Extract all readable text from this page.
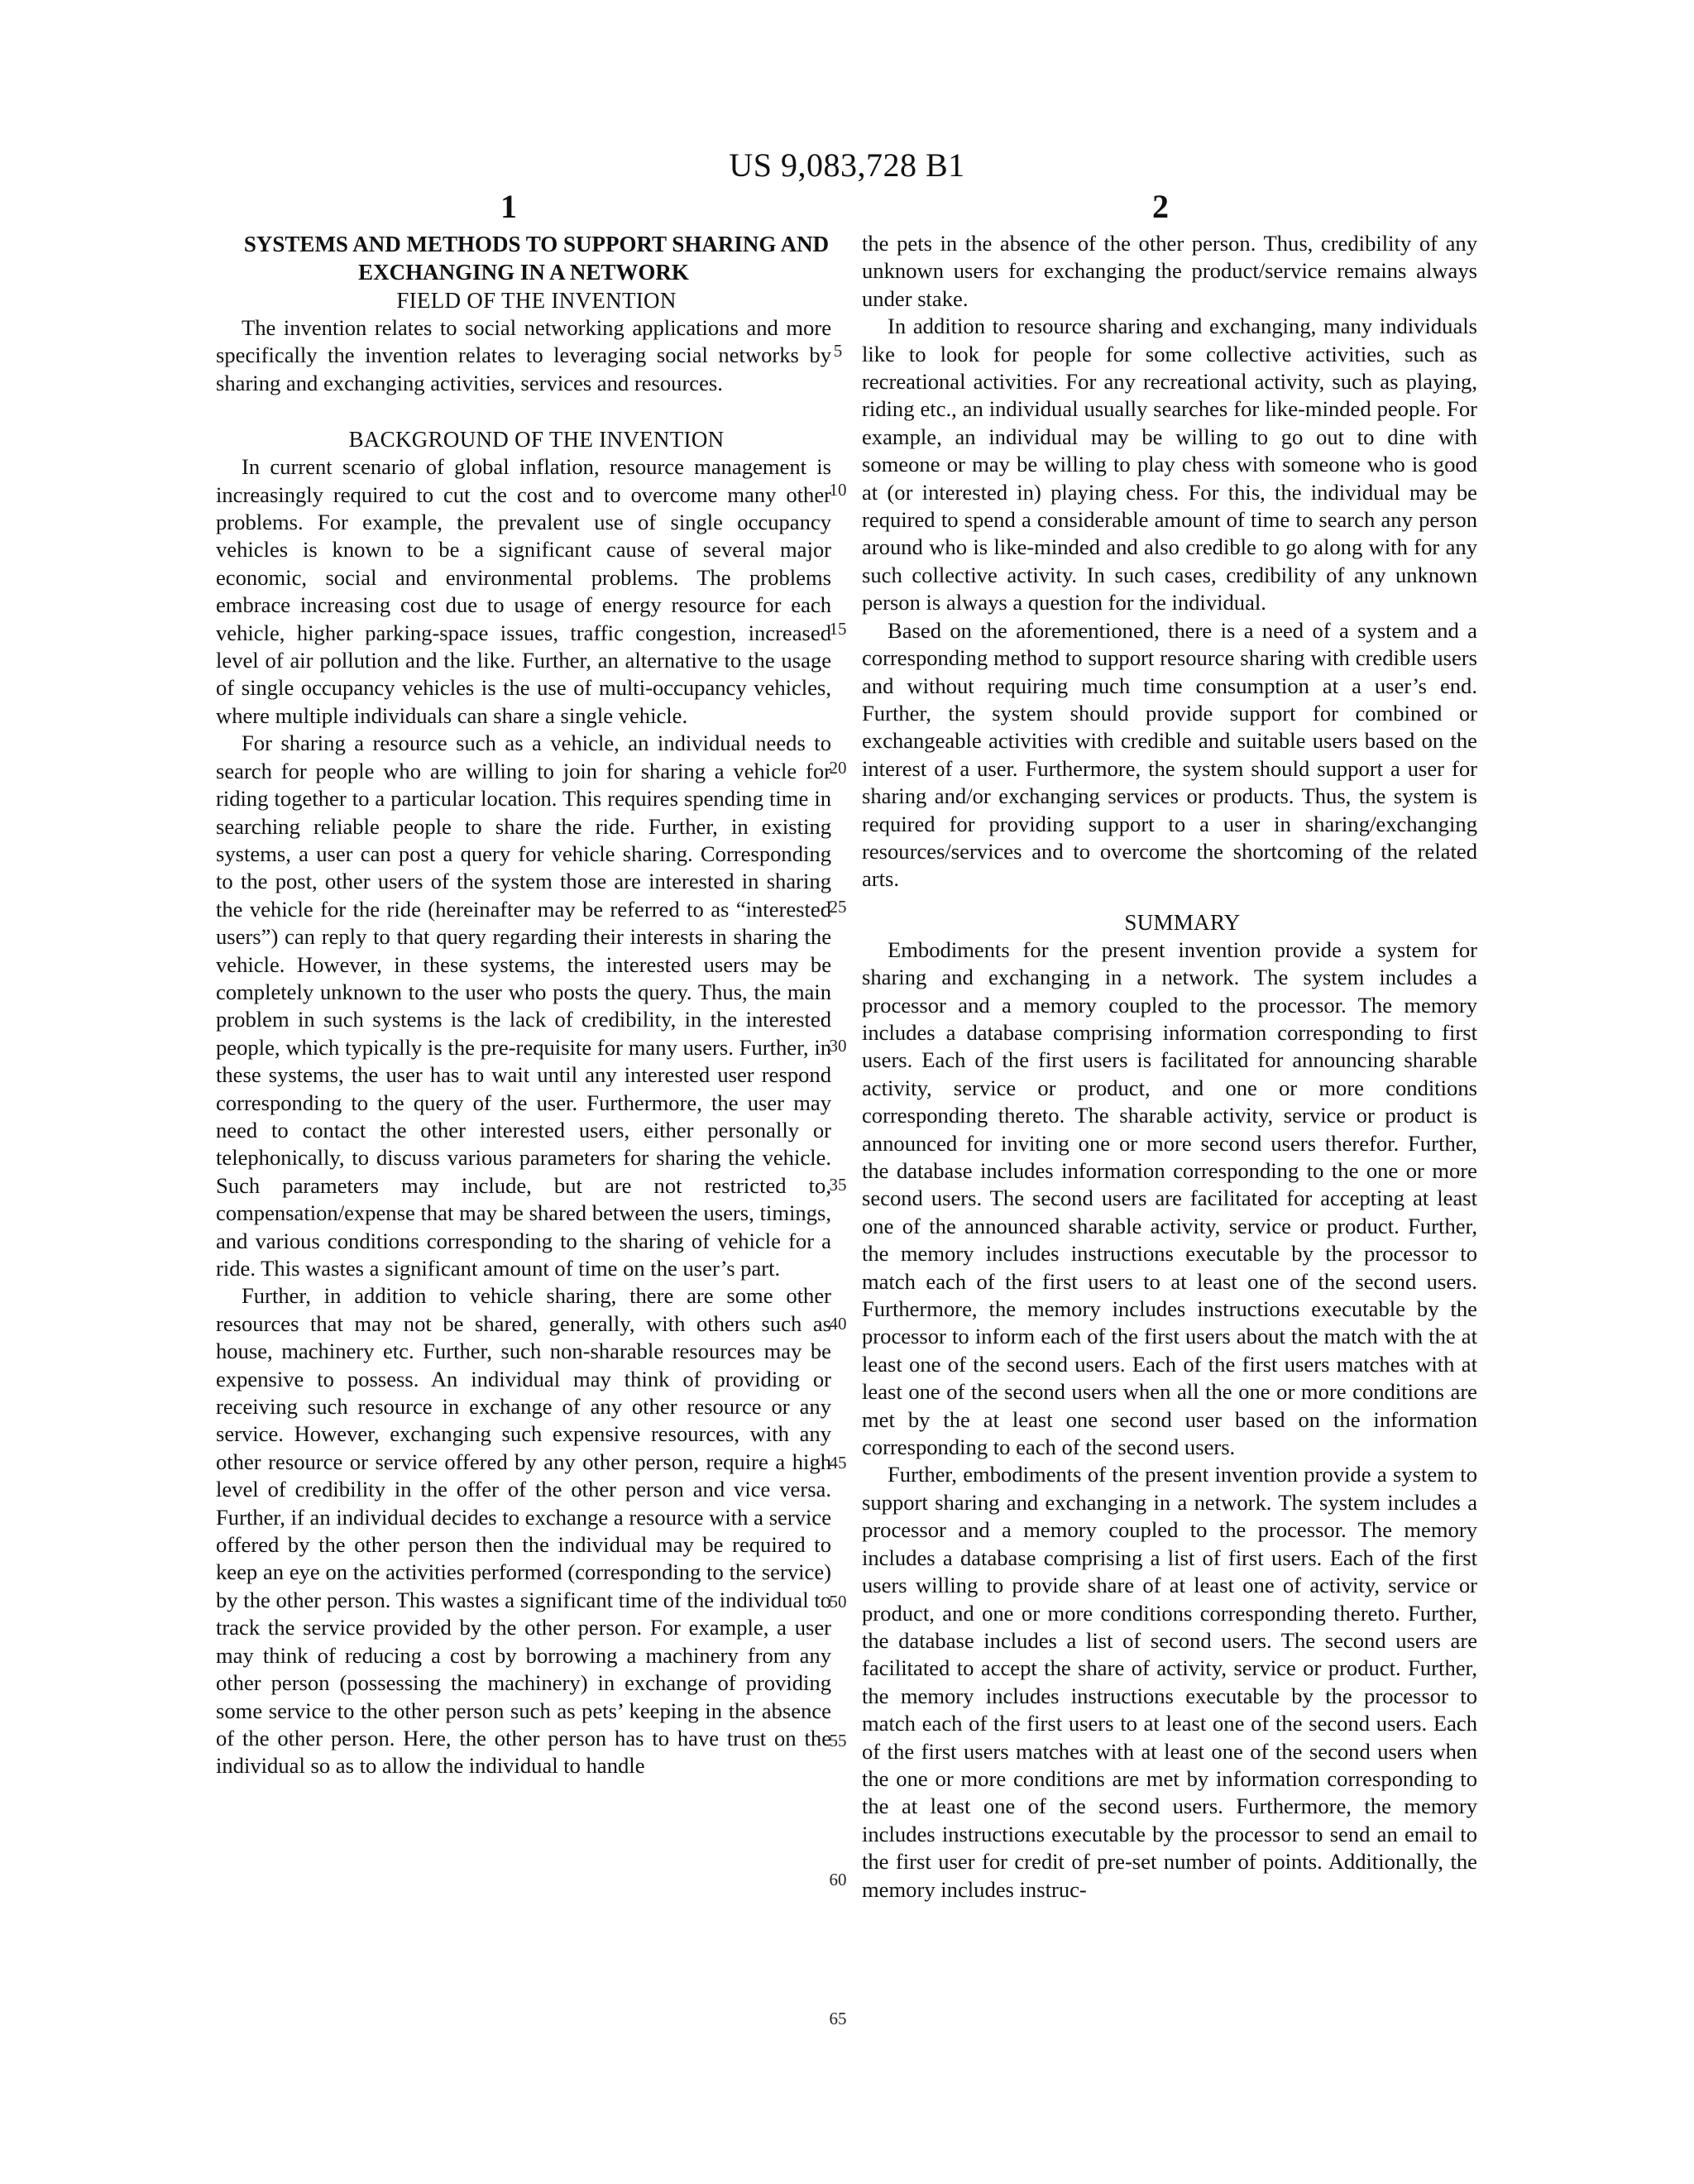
US 9,083,728 B1
1	2

SYSTEMS AND METHODS TO SUPPORT SHARING AND EXCHANGING IN A NETWORK

FIELD OF THE INVENTION

The invention relates to social networking applications and more specifically the invention relates to leveraging social networks by sharing and exchanging activities, services and resources.

BACKGROUND OF THE INVENTION

In current scenario of global inflation, resource management is increasingly required to cut the cost and to overcome many other problems. For example, the prevalent use of single occupancy vehicles is known to be a significant cause of several major economic, social and environmental problems. The problems embrace increasing cost due to usage of energy resource for each vehicle, higher parking-space issues, traffic congestion, increased level of air pollution and the like. Further, an alternative to the usage of single occupancy vehicles is the use of multi-occupancy vehicles, where multiple individuals can share a single vehicle.

For sharing a resource such as a vehicle, an individual needs to search for people who are willing to join for sharing a vehicle for riding together to a particular location. This requires spending time in searching reliable people to share the ride. Further, in existing systems, a user can post a query for vehicle sharing. Corresponding to the post, other users of the system those are interested in sharing the vehicle for the ride (hereinafter may be referred to as “interested users”) can reply to that query regarding their interests in sharing the vehicle. However, in these systems, the interested users may be completely unknown to the user who posts the query. Thus, the main problem in such systems is the lack of credibility, in the interested people, which typically is the pre-requisite for many users. Further, in these systems, the user has to wait until any interested user respond corresponding to the query of the user. Furthermore, the user may need to contact the other interested users, either personally or telephonically, to discuss various parameters for sharing the vehicle. Such parameters may include, but are not restricted to, compensation/expense that may be shared between the users, timings, and various conditions corresponding to the sharing of vehicle for a ride. This wastes a significant amount of time on the user’s part.

Further, in addition to vehicle sharing, there are some other resources that may not be shared, generally, with others such as house, machinery etc. Further, such non-sharable resources may be expensive to possess. An individual may think of providing or receiving such resource in exchange of any other resource or any service. However, exchanging such expensive resources, with any other resource or service offered by any other person, require a high level of credibility in the offer of the other person and vice versa. Further, if an individual decides to exchange a resource with a service offered by the other person then the individual may be required to keep an eye on the activities performed (corresponding to the service) by the other person. This wastes a significant time of the individual to track the service provided by the other person. For example, a user may think of reducing a cost by borrowing a machinery from any other person (possessing the machinery) in exchange of providing some service to the other person such as pets’ keeping in the absence of the other person. Here, the other person has to have trust on the individual so as to allow the individual to handle

the pets in the absence of the other person. Thus, credibility of any unknown users for exchanging the product/service remains always under stake.

In addition to resource sharing and exchanging, many individuals like to look for people for some collective activities, such as recreational activities. For any recreational activity, such as playing, riding etc., an individual usually searches for like-minded people. For example, an individual may be willing to go out to dine with someone or may be willing to play chess with someone who is good at (or interested in) playing chess. For this, the individual may be required to spend a considerable amount of time to search any person around who is like-minded and also credible to go along with for any such collective activity. In such cases, credibility of any unknown person is always a question for the individual.

Based on the aforementioned, there is a need of a system and a corresponding method to support resource sharing with credible users and without requiring much time consumption at a user’s end. Further, the system should provide support for combined or exchangeable activities with credible and suitable users based on the interest of a user. Furthermore, the system should support a user for sharing and/or exchanging services or products. Thus, the system is required for providing support to a user in sharing/exchanging resources/services and to overcome the shortcoming of the related arts.

SUMMARY

Embodiments for the present invention provide a system for sharing and exchanging in a network. The system includes a processor and a memory coupled to the processor. The memory includes a database comprising information corresponding to first users. Each of the first users is facilitated for announcing sharable activity, service or product, and one or more conditions corresponding thereto. The sharable activity, service or product is announced for inviting one or more second users therefor. Further, the database includes information corresponding to the one or more second users. The second users are facilitated for accepting at least one of the announced sharable activity, service or product. Further, the memory includes instructions executable by the processor to match each of the first users to at least one of the second users. Furthermore, the memory includes instructions executable by the processor to inform each of the first users about the match with the at least one of the second users. Each of the first users matches with at least one of the second users when all the one or more conditions are met by the at least one second user based on the information corresponding to each of the second users.

Further, embodiments of the present invention provide a system to support sharing and exchanging in a network. The system includes a processor and a memory coupled to the processor. The memory includes a database comprising a list of first users. Each of the first users willing to provide share of at least one of activity, service or product, and one or more conditions corresponding thereto. Further, the database includes a list of second users. The second users are facilitated to accept the share of activity, service or product. Further, the memory includes instructions executable by the processor to match each of the first users to at least one of the second users. Each of the first users matches with at least one of the second users when the one or more conditions are met by information corresponding to the at least one of the second users. Furthermore, the memory includes instructions executable by the processor to send an email to the first user for credit of pre-set number of points. Additionally, the memory includes instruc-

5
10
15
20
25
30
35
40
45
50
55
60
65
